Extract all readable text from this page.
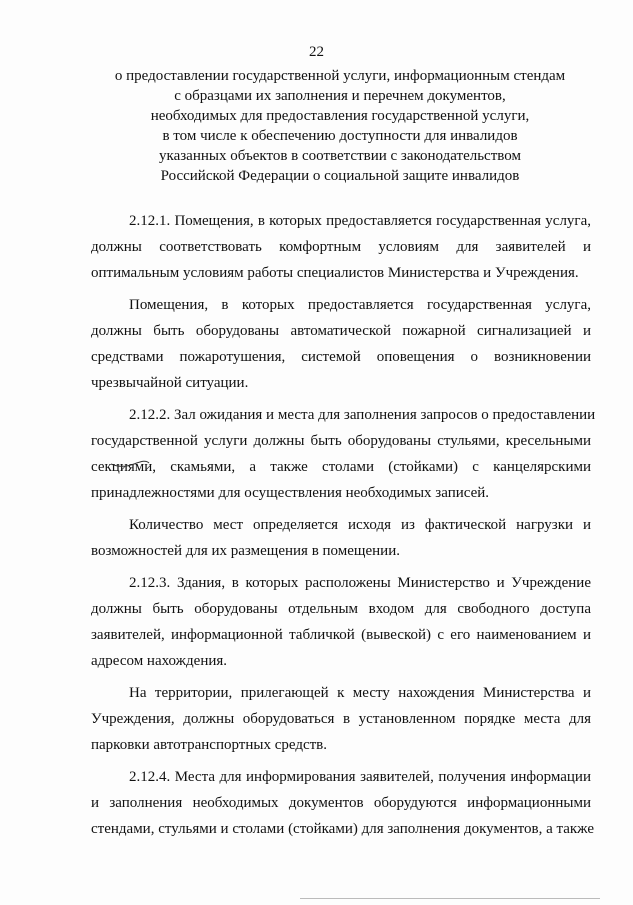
22
о предоставлении государственной услуги, информационным стендам
с образцами их заполнения и перечнем документов,
необходимых для предоставления государственной услуги,
в том числе к обеспечению доступности для инвалидов
указанных объектов в соответствии с законодательством
Российской Федерации о социальной защите инвалидов
2.12.1. Помещения, в которых предоставляется государственная услуга,
должны соответствовать комфортным условиям для заявителей и
оптимальным условиям работы специалистов Министерства и Учреждения.
Помещения, в которых предоставляется государственная услуга,
должны быть оборудованы автоматической пожарной сигнализацией и
средствами пожаротушения, системой оповещения о возникновении
чрезвычайной ситуации.
2.12.2. Зал ожидания и места для заполнения запросов о предоставлении
государственной услуги должны быть оборудованы стульями, кресельными
секциями, скамьями, а также столами (стойками) с канцелярскими
принадлежностями для осуществления необходимых записей.
Количество мест определяется исходя из фактической нагрузки и
возможностей для их размещения в помещении.
2.12.3. Здания, в которых расположены Министерство и Учреждение
должны быть оборудованы отдельным входом для свободного доступа
заявителей, информационной табличкой (вывеской) с его наименованием и
адресом нахождения.
На территории, прилегающей к месту нахождения Министерства и
Учреждения, должны оборудоваться в установленном порядке места для
парковки автотранспортных средств.
2.12.4. Места для информирования заявителей, получения информации
и заполнения необходимых документов оборудуются информационными
стендами, стульями и столами (стойками) для заполнения документов, а также
